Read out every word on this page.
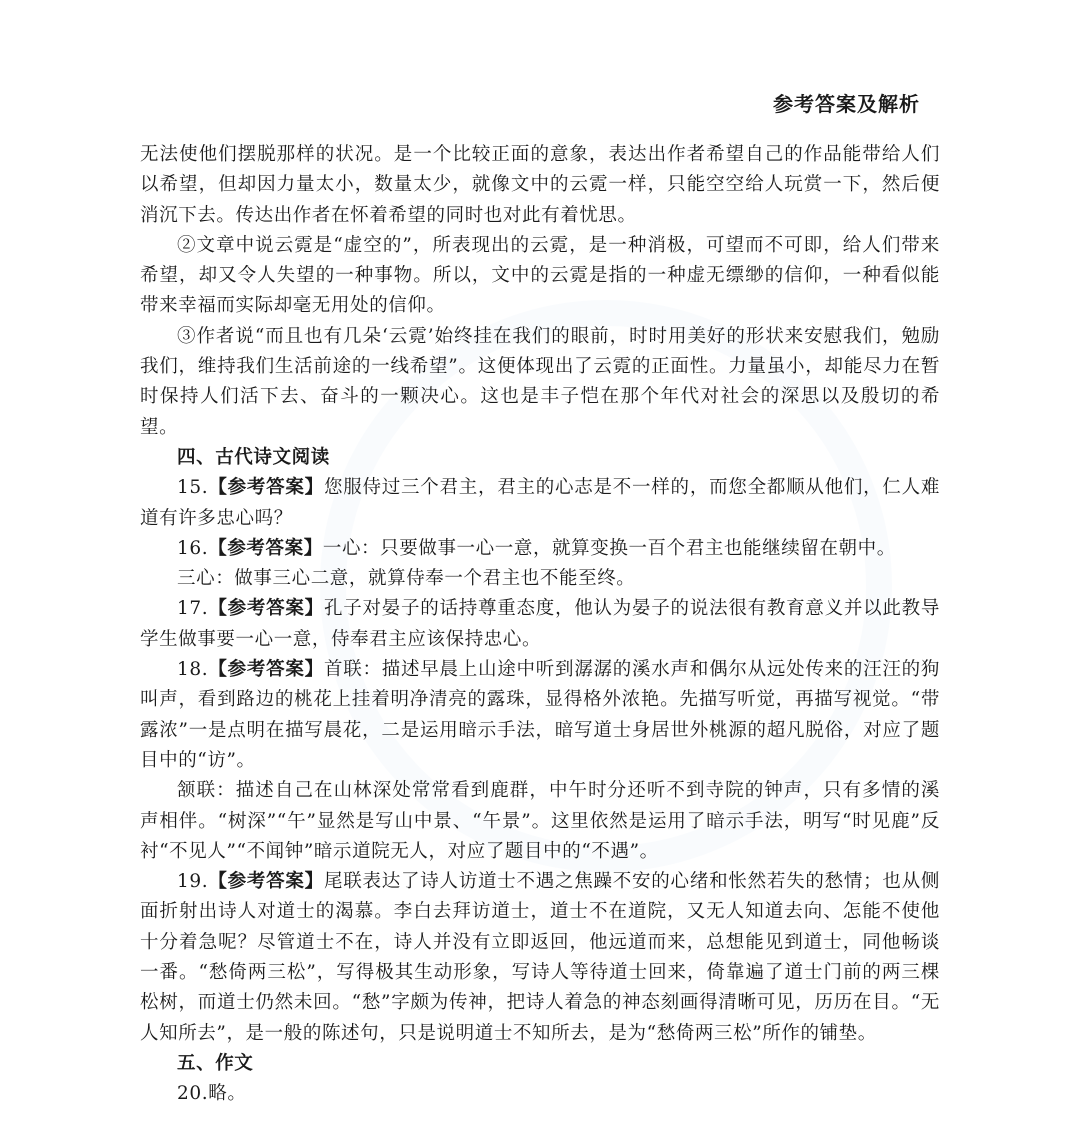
参考答案及解析

无法使他们摆脱那样的状况。是一个比较正面的意象，表达出作者希望自己的作品能带给人们以希望，但却因力量太小，数量太少，就像文中的云霓一样，只能空空给人玩赏一下，然后便消沉下去。传达出作者在怀着希望的同时也对此有着忧思。

②文章中说云霓是“虚空的”，所表现出的云霓，是一种消极，可望而不可即，给人们带来希望，却又令人失望的一种事物。所以，文中的云霓是指的一种虚无缥缈的信仰，一种看似能带来幸福而实际却毫无用处的信仰。

③作者说“而且也有几朵‘云霓’始终挂在我们的眼前，时时用美好的形状来安慰我们，勉励我们，维持我们生活前途的一线希望”。这便体现出了云霓的正面性。力量虽小，却能尽力在暂时保持人们活下去、奋斗的一颗决心。这也是丰子恺在那个年代对社会的深思以及殷切的希望。

四、古代诗文阅读

15.【参考答案】您服侍过三个君主，君主的心志是不一样的，而您全都顺从他们，仁人难道有许多忠心吗？

16.【参考答案】一心：只要做事一心一意，就算变换一百个君主也能继续留在朝中。

三心：做事三心二意，就算侍奉一个君主也不能至终。

17.【参考答案】孔子对晏子的话持尊重态度，他认为晏子的说法很有教育意义并以此教导学生做事要一心一意，侍奉君主应该保持忠心。

18.【参考答案】首联：描述早晨上山途中听到潺潺的溪水声和偶尔从远处传来的汪汪的狗叫声，看到路边的桃花上挂着明净清亮的露珠，显得格外浓艳。先描写听觉，再描写视觉。“带露浓”一是点明在描写晨花，二是运用暗示手法，暗写道士身居世外桃源的超凡脱俗，对应了题目中的“访”。

颔联：描述自己在山林深处常常看到鹿群，中午时分还听不到寺院的钟声，只有多情的溪声相伴。“树深”“午”显然是写山中景、“午景”。这里依然是运用了暗示手法，明写“时见鹿”反衬“不见人”“不闻钟”暗示道院无人，对应了题目中的“不遇”。

19.【参考答案】尾联表达了诗人访道士不遇之焦躁不安的心绪和怅然若失的愁情；也从侧面折射出诗人对道士的渴慕。李白去拜访道士，道士不在道院，又无人知道去向、怎能不使他十分着急呢？尽管道士不在，诗人并没有立即返回，他远道而来，总想能见到道士，同他畅谈一番。“愁倚两三松”，写得极其生动形象，写诗人等待道士回来，倚靠遍了道士门前的两三棵松树，而道士仍然未回。“愁”字颇为传神，把诗人着急的神态刻画得清晰可见，历历在目。“无人知所去”，是一般的陈述句，只是说明道士不知所去，是为“愁倚两三松”所作的铺垫。

五、作文

20.略。
